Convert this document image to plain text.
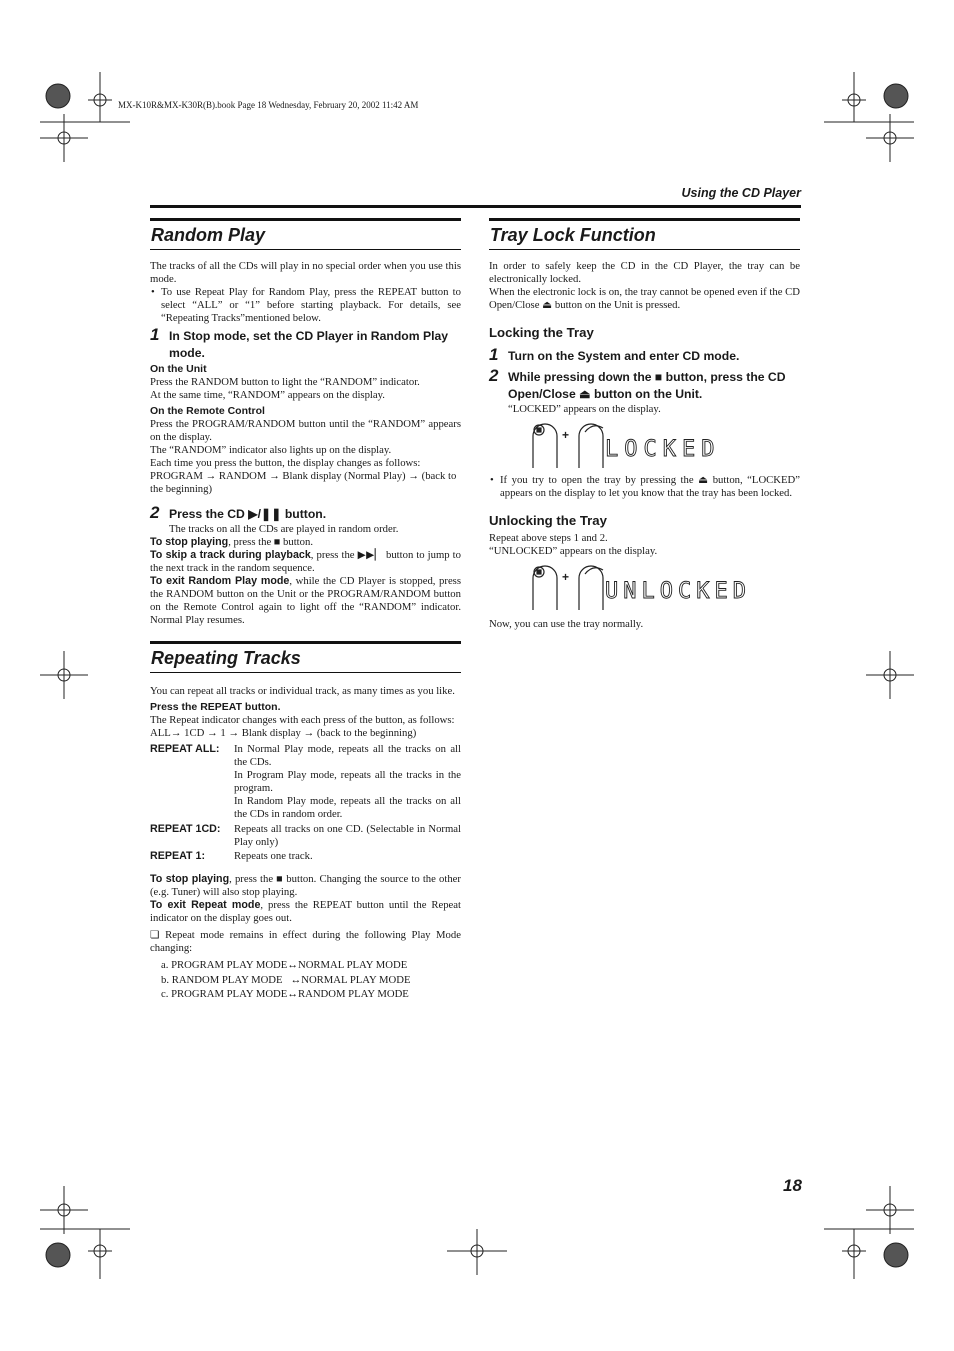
MX-K10R&MX-K30R(B).book Page 18 Wednesday, February 20, 2002 11:42 AM
Using the CD Player
Random Play

The tracks of all the CDs will play in no special order when you use this mode.

• To use Repeat Play for Random Play, press the REPEAT button to select “ALL” or “1” before starting playback. For details, see “Repeating Tracks”mentioned below.

1 In Stop mode, set the CD Player in Random Play mode.
On the Unit

Press the RANDOM button to light the “RANDOM” indicator.

At the same time, “RANDOM” appears on the display.

On the Remote Control

Press the PROGRAM/RANDOM button until the “RANDOM” appears on the display.

The “RANDOM” indicator also lights up on the display.

Each time you press the button, the display changes as follows:

PROGRAM → RANDOM → Blank display (Normal Play) → (back to the beginning)

2 Press the CD ▶/❚❚ button.

The tracks on all the CDs are played in random order.

To stop playing, press the ■ button.

To skip a track during playback, press the ▶▶▏ button to jump to the next track in the random sequence.

To exit Random Play mode, while the CD Player is stopped, press the RANDOM button on the Unit or the PROGRAM/RANDOM button on the Remote Control again to light off the “RANDOM” indicator. Normal Play resumes.

Repeating Tracks

You can repeat all tracks or individual track, as many times as you like.

Press the REPEAT button.

The Repeat indicator changes with each press of the button, as follows:

ALL→ 1CD → 1 → Blank display → (back to the beginning)

REPEAT ALL:	In Normal Play mode, repeats all the tracks on all the CDs.

In Program Play mode, repeats all the tracks in the program.

In Random Play mode, repeats all the tracks on all the CDs in random order.

REPEAT 1CD:	Repeats all tracks on one CD. (Selectable in Normal Play only)

REPEAT 1:	Repeats one track.

To stop playing, press the ■ button. Changing the source to the other (e.g. Tuner) will also stop playing.

To exit Repeat mode, press the REPEAT button until the Repeat indicator on the display goes out.

❏ Repeat mode remains in effect during the following Play Mode changing:

a. PROGRAM PLAY MODE↔NORMAL PLAY MODE
b. RANDOM PLAY MODE   ↔NORMAL PLAY MODE
c. PROGRAM PLAY MODE↔RANDOM PLAY MODE
Tray Lock Function

In order to safely keep the CD in the CD Player, the tray can be electronically locked.

When the electronic lock is on, the tray cannot be opened even if the CD Open/Close ⏏ button on the Unit is pressed.

Locking the Tray
1 Turn on the System and enter CD mode.
2 While pressing down the ■ button, press the CD Open/Close ⏏ button on the Unit.

“LOCKED” appears on the display.

+
LOCKED

• If you try to open the tray by pressing the ⏏ button, “LOCKED” appears on the display to let you know that the tray has been locked.

Unlocking the Tray

Repeat above steps 1 and 2.

“UNLOCKED” appears on the display.

+
UNLOCKED

Now, you can use the tray normally.

18
